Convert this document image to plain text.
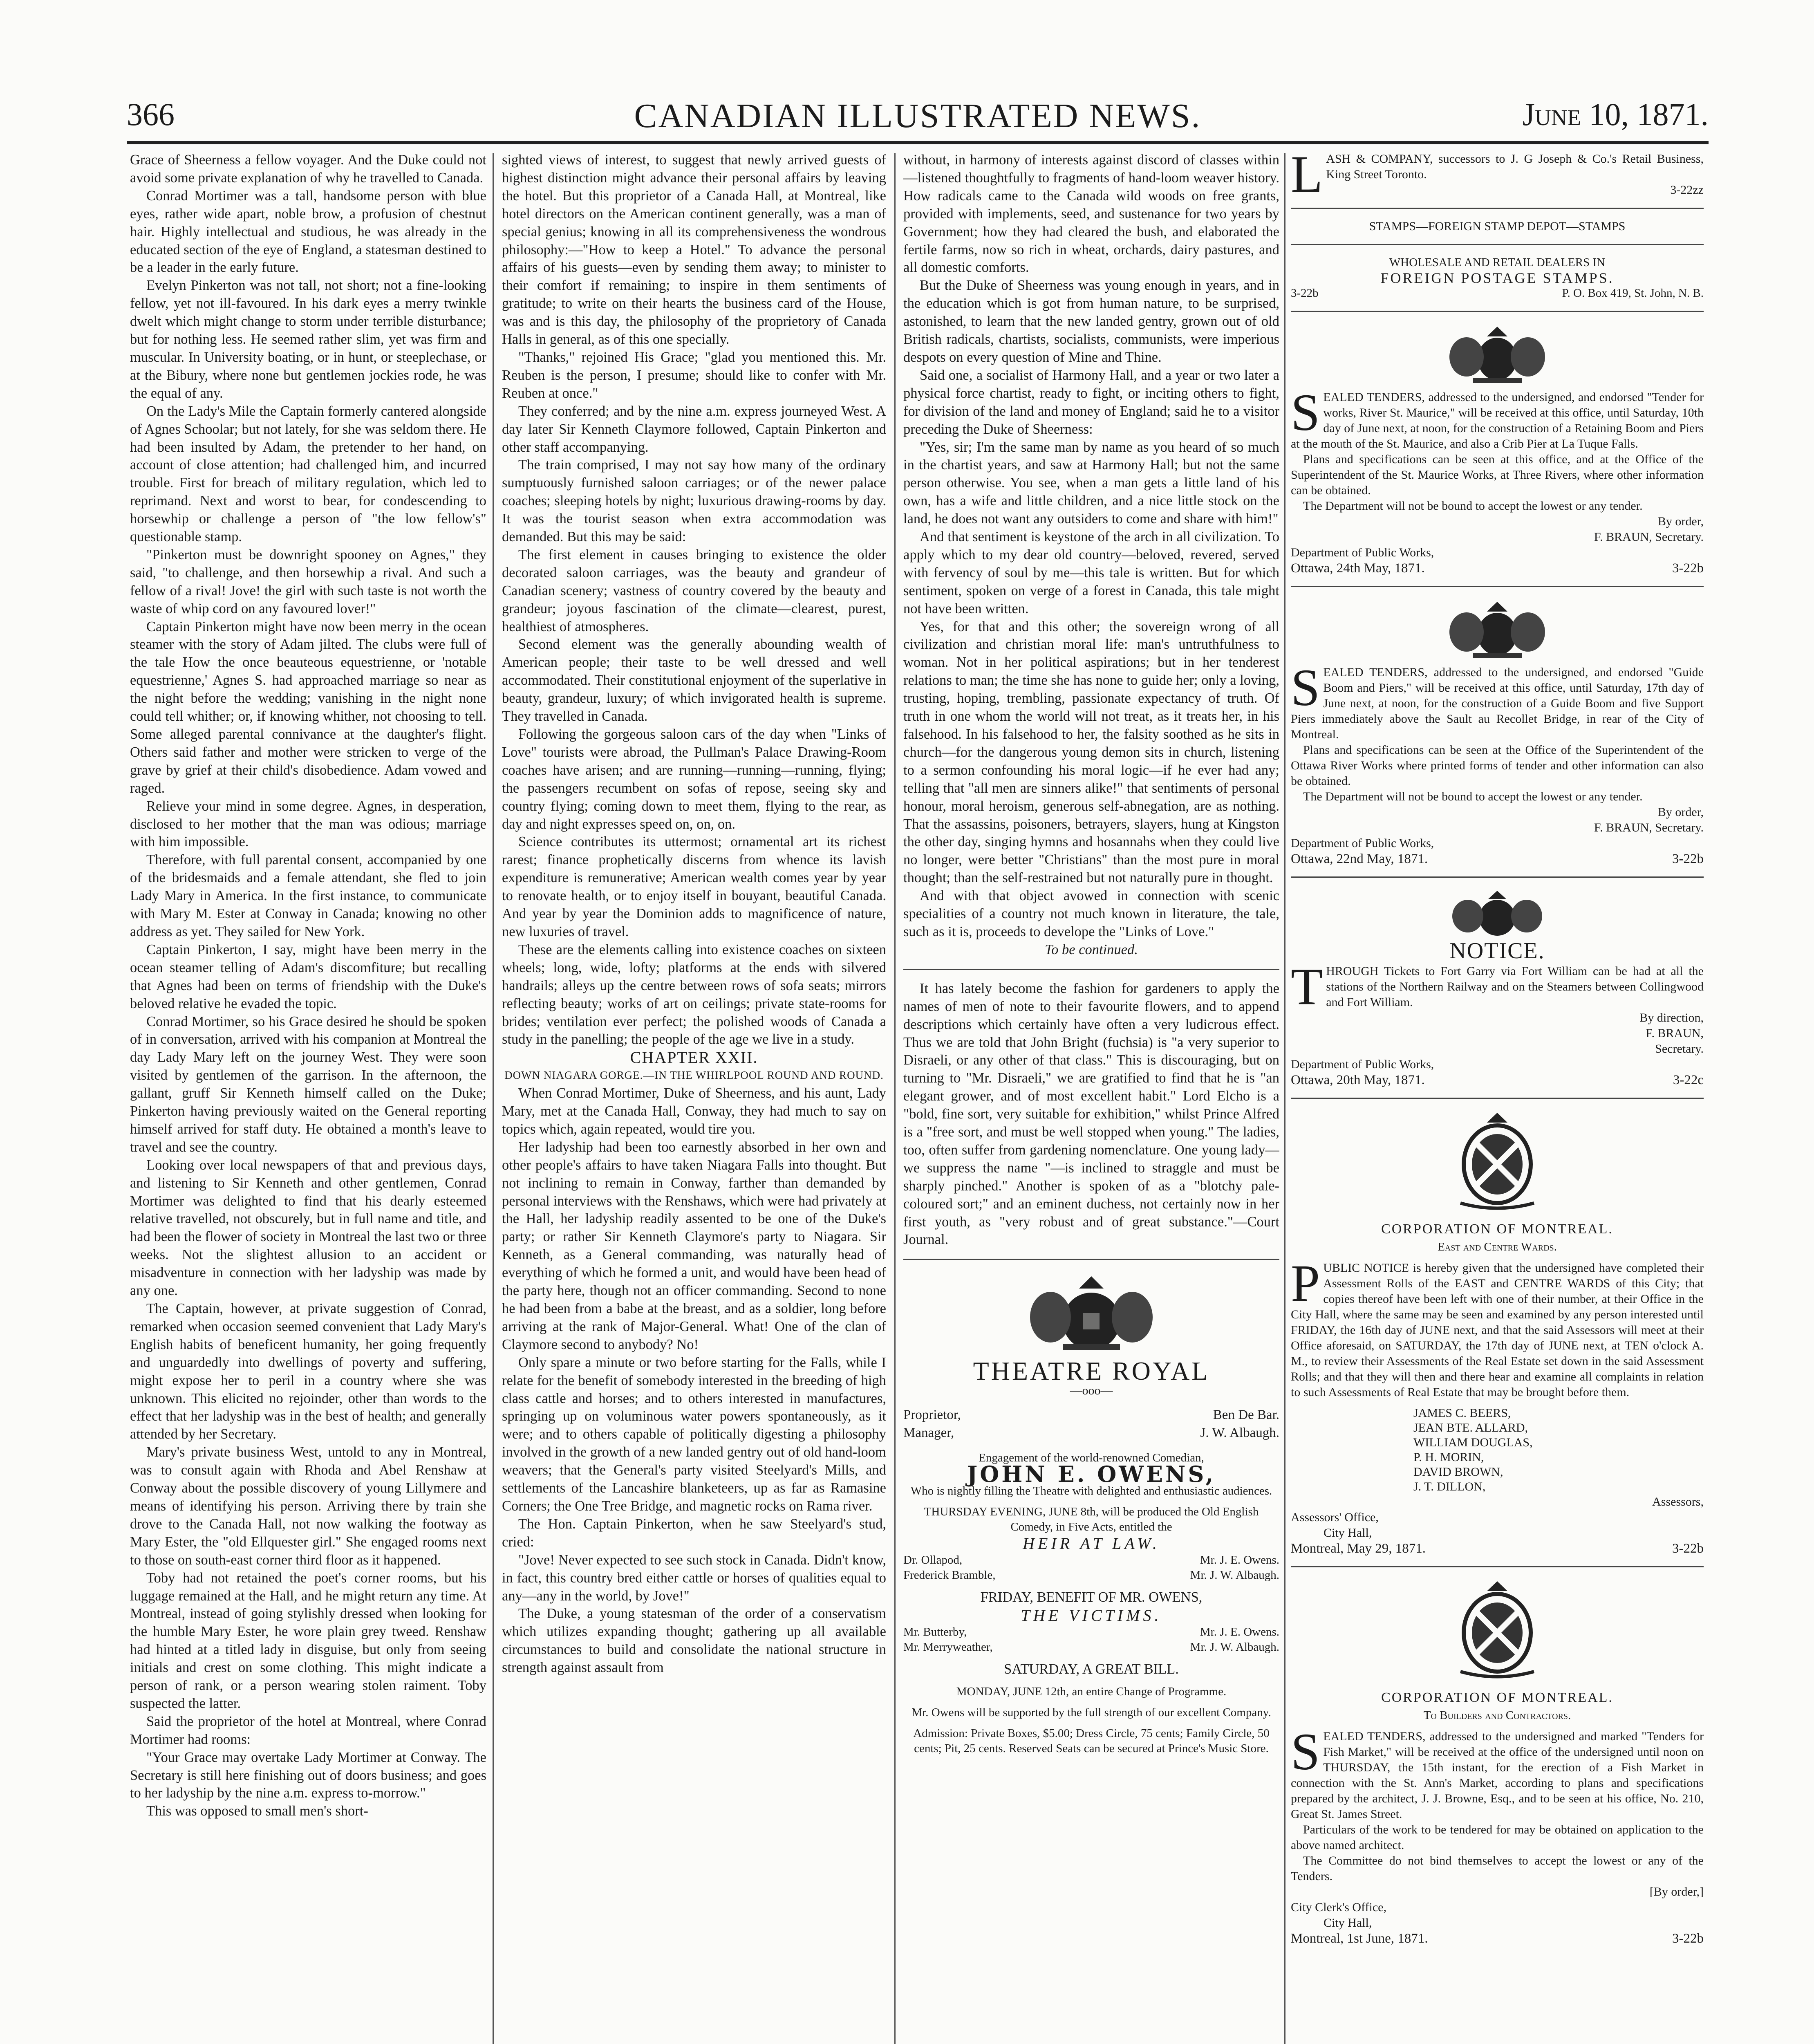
366	CANADIAN ILLUSTRATED NEWS.	June 10, 1871.

Grace of Sheerness a fellow voyager. And the Duke could not avoid some private explanation of why he travelled to Canada.

Conrad Mortimer was a tall, handsome person with blue eyes, rather wide apart, noble brow, a profusion of chestnut hair. Highly intellectual and studious, he was already in the educated section of the eye of England, a statesman destined to be a leader in the early future.

Evelyn Pinkerton was not tall, not short; not a fine-looking fellow, yet not ill-favoured. In his dark eyes a merry twinkle dwelt which might change to storm under terrible disturbance; but for nothing less. He seemed rather slim, yet was firm and muscular. In University boating, or in hunt, or steeplechase, or at the Bibury, where none but gentlemen jockies rode, he was the equal of any.

On the Lady's Mile the Captain formerly cantered alongside of Agnes Schoolar; but not lately, for she was seldom there. He had been insulted by Adam, the pretender to her hand, on account of close attention; had challenged him, and incurred trouble. First for breach of military regulation, which led to reprimand. Next and worst to bear, for condescending to horsewhip or challenge a person of "the low fellow's" questionable stamp.

"Pinkerton must be downright spooney on Agnes," they said, "to challenge, and then horsewhip a rival. And such a fellow of a rival! Jove! the girl with such taste is not worth the waste of whip cord on any favoured lover!"

Captain Pinkerton might have now been merry in the ocean steamer with the story of Adam jilted. The clubs were full of the tale How the once beauteous equestrienne, or 'notable equestrienne,' Agnes S. had approached marriage so near as the night before the wedding; vanishing in the night none could tell whither; or, if knowing whither, not choosing to tell. Some alleged parental connivance at the daughter's flight. Others said father and mother were stricken to verge of the grave by grief at their child's disobedience. Adam vowed and raged.

Relieve your mind in some degree. Agnes, in desperation, disclosed to her mother that the man was odious; marriage with him impossible.

Therefore, with full parental consent, accompanied by one of the bridesmaids and a female attendant, she fled to join Lady Mary in America. In the first instance, to communicate with Mary M. Ester at Conway in Canada; knowing no other address as yet. They sailed for New York.

Captain Pinkerton, I say, might have been merry in the ocean steamer telling of Adam's discomfiture; but recalling that Agnes had been on terms of friendship with the Duke's beloved relative he evaded the topic.

Conrad Mortimer, so his Grace desired he should be spoken of in conversation, arrived with his companion at Montreal the day Lady Mary left on the journey West. They were soon visited by gentlemen of the garrison. In the afternoon, the gallant, gruff Sir Kenneth himself called on the Duke; Pinkerton having previously waited on the General reporting himself arrived for staff duty. He obtained a month's leave to travel and see the country.

Looking over local newspapers of that and previous days, and listening to Sir Kenneth and other gentlemen, Conrad Mortimer was delighted to find that his dearly esteemed relative travelled, not obscurely, but in full name and title, and had been the flower of society in Montreal the last two or three weeks. Not the slightest allusion to an accident or misadventure in connection with her ladyship was made by any one.

The Captain, however, at private suggestion of Conrad, remarked when occasion seemed convenient that Lady Mary's English habits of beneficent humanity, her going frequently and unguardedly into dwellings of poverty and suffering, might expose her to peril in a country where she was unknown. This elicited no rejoinder, other than words to the effect that her ladyship was in the best of health; and generally attended by her Secretary.

Mary's private business West, untold to any in Montreal, was to consult again with Rhoda and Abel Renshaw at Conway about the possible discovery of young Lillymere and means of identifying his person. Arriving there by train she drove to the Canada Hall, not now walking the footway as Mary Ester, the "old Ellquester girl." She engaged rooms next to those on south-east corner third floor as it happened.

Toby had not retained the poet's corner rooms, but his luggage remained at the Hall, and he might return any time. At Montreal, instead of going stylishly dressed when looking for the humble Mary Ester, he wore plain grey tweed. Renshaw had hinted at a titled lady in disguise, but only from seeing initials and crest on some clothing. This might indicate a person of rank, or a person wearing stolen raiment. Toby suspected the latter.

Said the proprietor of the hotel at Montreal, where Conrad Mortimer had rooms:

"Your Grace may overtake Lady Mortimer at Conway. The Secretary is still here finishing out of doors business; and goes to her ladyship by the nine a.m. express to-morrow."

This was opposed to small men's short-

sighted views of interest, to suggest that newly arrived guests of highest distinction might advance their personal affairs by leaving the hotel. But this proprietor of a Canada Hall, at Montreal, like hotel directors on the American continent generally, was a man of special genius; knowing in all its comprehensiveness the wondrous philosophy:—"How to keep a Hotel." To advance the personal affairs of his guests—even by sending them away; to minister to their comfort if remaining; to inspire in them sentiments of gratitude; to write on their hearts the business card of the House, was and is this day, the philosophy of the proprietory of Canada Halls in general, as of this one specially.

"Thanks," rejoined His Grace; "glad you mentioned this. Mr. Reuben is the person, I presume; should like to confer with Mr. Reuben at once."

They conferred; and by the nine a.m. express journeyed West. A day later Sir Kenneth Claymore followed, Captain Pinkerton and other staff accompanying.

The train comprised, I may not say how many of the ordinary sumptuously furnished saloon carriages; or of the newer palace coaches; sleeping hotels by night; luxurious drawing-rooms by day. It was the tourist season when extra accommodation was demanded. But this may be said:

The first element in causes bringing to existence the older decorated saloon carriages, was the beauty and grandeur of Canadian scenery; vastness of country covered by the beauty and grandeur; joyous fascination of the climate—clearest, purest, healthiest of atmospheres.

Second element was the generally abounding wealth of American people; their taste to be well dressed and well accommodated. Their constitutional enjoyment of the superlative in beauty, grandeur, luxury; of which invigorated health is supreme. They travelled in Canada.

Following the gorgeous saloon cars of the day when "Links of Love" tourists were abroad, the Pullman's Palace Drawing-Room coaches have arisen; and are running—running—running, flying; the passengers recumbent on sofas of repose, seeing sky and country flying; coming down to meet them, flying to the rear, as day and night expresses speed on, on, on.

Science contributes its uttermost; ornamental art its richest rarest; finance prophetically discerns from whence its lavish expenditure is remunerative; American wealth comes year by year to renovate health, or to enjoy itself in bouyant, beautiful Canada. And year by year the Dominion adds to magnificence of nature, new luxuries of travel.

These are the elements calling into existence coaches on sixteen wheels; long, wide, lofty; platforms at the ends with silvered handrails; alleys up the centre between rows of sofa seats; mirrors reflecting beauty; works of art on ceilings; private state-rooms for brides; ventilation ever perfect; the polished woods of Canada a study in the panelling; the people of the age we live in a study.

CHAPTER XXII.

DOWN NIAGARA GORGE.—IN THE WHIRLPOOL ROUND AND ROUND.

When Conrad Mortimer, Duke of Sheerness, and his aunt, Lady Mary, met at the Canada Hall, Conway, they had much to say on topics which, again repeated, would tire you.

Her ladyship had been too earnestly absorbed in her own and other people's affairs to have taken Niagara Falls into thought. But not inclining to remain in Conway, farther than demanded by personal interviews with the Renshaws, which were had privately at the Hall, her ladyship readily assented to be one of the Duke's party; or rather Sir Kenneth Claymore's party to Niagara. Sir Kenneth, as a General commanding, was naturally head of everything of which he formed a unit, and would have been head of the party here, though not an officer commanding. Second to none he had been from a babe at the breast, and as a soldier, long before arriving at the rank of Major-General. What! One of the clan of Claymore second to anybody? No!

Only spare a minute or two before starting for the Falls, while I relate for the benefit of somebody interested in the breeding of high class cattle and horses; and to others interested in manufactures, springing up on voluminous water powers spontaneously, as it were; and to others capable of politically digesting a philosophy involved in the growth of a new landed gentry out of old hand-loom weavers; that the General's party visited Steelyard's Mills, and settlements of the Lancashire blanketeers, up as far as Ramasine Corners; the One Tree Bridge, and magnetic rocks on Rama river.

The Hon. Captain Pinkerton, when he saw Steelyard's stud, cried:

"Jove! Never expected to see such stock in Canada. Didn't know, in fact, this country bred either cattle or horses of qualities equal to any—any in the world, by Jove!"

The Duke, a young statesman of the order of a conservatism which utilizes expanding thought; gathering up all available circumstances to build and consolidate the national structure in strength against assault from

without, in harmony of interests against discord of classes within—listened thoughtfully to fragments of hand-loom weaver history. How radicals came to the Canada wild woods on free grants, provided with implements, seed, and sustenance for two years by Government; how they had cleared the bush, and elaborated the fertile farms, now so rich in wheat, orchards, dairy pastures, and all domestic comforts.

But the Duke of Sheerness was young enough in years, and in the education which is got from human nature, to be surprised, astonished, to learn that the new landed gentry, grown out of old British radicals, chartists, socialists, communists, were imperious despots on every question of Mine and Thine.

Said one, a socialist of Harmony Hall, and a year or two later a physical force chartist, ready to fight, or inciting others to fight, for division of the land and money of England; said he to a visitor preceding the Duke of Sheerness:

"Yes, sir; I'm the same man by name as you heard of so much in the chartist years, and saw at Harmony Hall; but not the same person otherwise. You see, when a man gets a little land of his own, has a wife and little children, and a nice little stock on the land, he does not want any outsiders to come and share with him!"

And that sentiment is keystone of the arch in all civilization. To apply which to my dear old country—beloved, revered, served with fervency of soul by me—this tale is written. But for which sentiment, spoken on verge of a forest in Canada, this tale might not have been written.

Yes, for that and this other; the sovereign wrong of all civilization and christian moral life: man's untruthfulness to woman. Not in her political aspirations; but in her tenderest relations to man; the time she has none to guide her; only a loving, trusting, hoping, trembling, passionate expectancy of truth. Of truth in one whom the world will not treat, as it treats her, in his falsehood. In his falsehood to her, the falsity soothed as he sits in church—for the dangerous young demon sits in church, listening to a sermon confounding his moral logic—if he ever had any; telling that "all men are sinners alike!" that sentiments of personal honour, moral heroism, generous self-abnegation, are as nothing. That the assassins, poisoners, betrayers, slayers, hung at Kingston the other day, singing hymns and hosannahs when they could live no longer, were better "Christians" than the most pure in moral thought; than the self-restrained but not naturally pure in thought.

And with that object avowed in connection with scenic specialities of a country not much known in literature, the tale, such as it is, proceeds to develope the "Links of Love."

To be continued.

It has lately become the fashion for gardeners to apply the names of men of note to their favourite flowers, and to append descriptions which certainly have often a very ludicrous effect. Thus we are told that John Bright (fuchsia) is "a very superior to Disraeli, or any other of that class." This is discouraging, but on turning to "Mr. Disraeli," we are gratified to find that he is "an elegant grower, and of most excellent habit." Lord Elcho is a "bold, fine sort, very suitable for exhibition," whilst Prince Alfred is a "free sort, and must be well stopped when young." The ladies, too, often suffer from gardening nomenclature. One young lady—we suppress the name "—is inclined to straggle and must be sharply pinched." Another is spoken of as a "blotchy pale-coloured sort;" and an eminent duchess, not certainly now in her first youth, as "very robust and of great substance."—Court Journal.

THEATRE ROYAL
—ooo—
Proprietor,	Ben De Bar.
Manager,	J. W. Albaugh.

Engagement of the world-renowned Comedian,

JOHN E. OWENS,

Who is nightly filling the Theatre with delighted and enthusiastic audiences.

THURSDAY EVENING, JUNE 8th, will be produced the Old English Comedy, in Five Acts, entitled the

HEIR AT LAW.

Dr. Ollapod,	Mr. J. E. Owens.
Frederick Bramble,	Mr. J. W. Albaugh.

FRIDAY, BENEFIT OF MR. OWENS,

THE VICTIMS.

Mr. Butterby,	Mr. J. E. Owens.
Mr. Merryweather,	Mr. J. W. Albaugh.

SATURDAY, A GREAT BILL.

MONDAY, JUNE 12th, an entire Change of Programme.

Mr. Owens will be supported by the full strength of our excellent Company.

Admission: Private Boxes, $5.00; Dress Circle, 75 cents; Family Circle, 50 cents; Pit, 25 cents. Reserved Seats can be secured at Prince's Music Store.

L ASH & COMPANY, successors to J. G Joseph & Co.'s Retail Business, King Street Toronto.
3-22zz
STAMPS—FOREIGN STAMP DEPOT—STAMPS
WHOLESALE AND RETAIL DEALERS IN
FOREIGN POSTAGE STAMPS.
3-22b	P. O. Box 419, St. John, N. B.
S EALED TENDERS, addressed to the undersigned, and endorsed "Tender for works, River St. Maurice," will be received at this office, until Saturday, 10th day of June next, at noon, for the construction of a Retaining Boom and Piers at the mouth of the St. Maurice, and also a Crib Pier at La Tuque Falls.

Plans and specifications can be seen at this office, and at the Office of the Superintendent of the St. Maurice Works, at Three Rivers, where other information can be obtained.

The Department will not be bound to accept the lowest or any tender.

By order,
F. BRAUN, Secretary.
Department of Public Works,
Ottawa, 24th May, 1871.	3-22b
S EALED TENDERS, addressed to the undersigned, and endorsed "Guide Boom and Piers," will be received at this office, until Saturday, 17th day of June next, at noon, for the construction of a Guide Boom and five Support Piers immediately above the Sault au Recollet Bridge, in rear of the City of Montreal.

Plans and specifications can be seen at the Office of the Superintendent of the Ottawa River Works where printed forms of tender and other information can also be obtained.

The Department will not be bound to accept the lowest or any tender.

By order,
F. BRAUN, Secretary.
Department of Public Works,
Ottawa, 22nd May, 1871.	3-22b
NOTICE.
T HROUGH Tickets to Fort Garry via Fort William can be had at all the stations of the Northern Railway and on the Steamers between Collingwood and Fort William.
By direction,
F. BRAUN,
Secretary.
Department of Public Works,
Ottawa, 20th May, 1871.	3-22c
CORPORATION OF MONTREAL.
East and Centre Wards.
P UBLIC NOTICE is hereby given that the undersigned have completed their Assessment Rolls of the EAST and CENTRE WARDS of this City; that copies thereof have been left with one of their number, at their Office in the City Hall, where the same may be seen and examined by any person interested until FRIDAY, the 16th day of JUNE next, and that the said Assessors will meet at their Office aforesaid, on SATURDAY, the 17th day of JUNE next, at TEN o'clock A. M., to review their Assessments of the Real Estate set down in the said Assessment Rolls; and that they will then and there hear and examine all complaints in relation to such Assessments of Real Estate that may be brought before them.
JAMES C. BEERS,
JEAN BTE. ALLARD,
WILLIAM DOUGLAS,
P. H. MORIN,
DAVID BROWN,
J. T. DILLON,
Assessors,
Assessors' Office,
City Hall,
Montreal, May 29, 1871.	3-22b
CORPORATION OF MONTREAL.
To Builders and Contractors.
S EALED TENDERS, addressed to the undersigned and marked "Tenders for Fish Market," will be received at the office of the undersigned until noon on THURSDAY, the 15th instant, for the erection of a Fish Market in connection with the St. Ann's Market, according to plans and specifications prepared by the architect, J. J. Browne, Esq., and to be seen at his office, No. 210, Great St. James Street.

Particulars of the work to be tendered for may be obtained on application to the above named architect.

The Committee do not bind themselves to accept the lowest or any of the Tenders.

[By order,]
City Clerk's Office,
City Hall,
Montreal, 1st June, 1871.	3-22b
